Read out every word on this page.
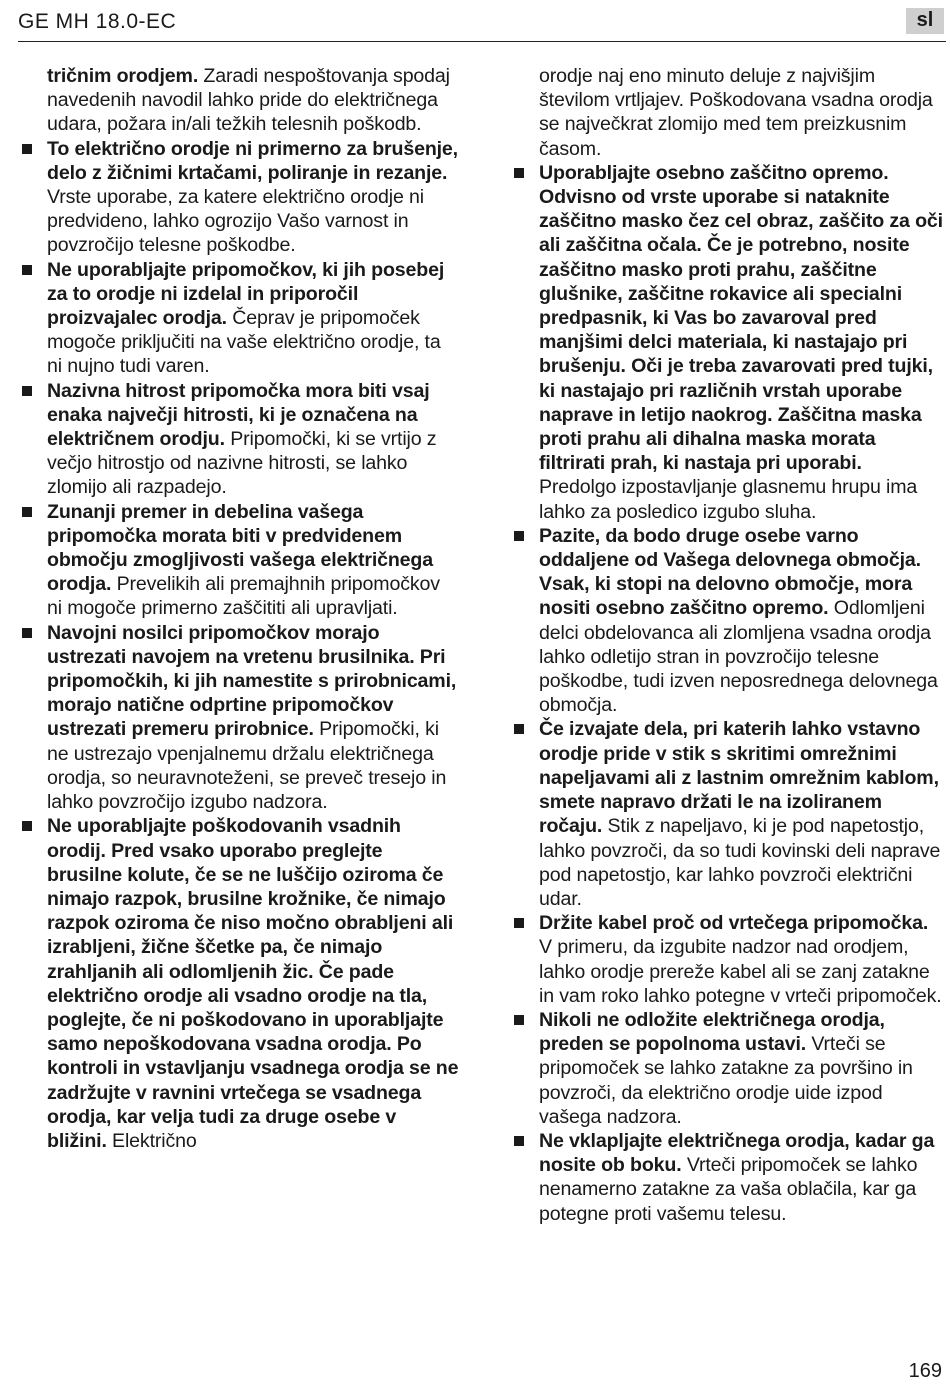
GE MH 18.0-EC	sl

tričnim orodjem. Zaradi nespoštovanja spodaj navedenih navodil lahko pride do električnega udara, požara in/ali težkih telesnih poškodb.

To električno orodje ni primerno za brušenje, delo z žičnimi krtačami, poliranje in rezanje. Vrste uporabe, za katere električno orodje ni predvideno, lahko ogrozijo Vašo varnost in povzročijo telesne poškodbe.

Ne uporabljajte pripomočkov, ki jih posebej za to orodje ni izdelal in priporočil proizvajalec orodja. Čeprav je pripomoček mogoče priključiti na vaše električno orodje, ta ni nujno tudi varen.

Nazivna hitrost pripomočka mora biti vsaj enaka največji hitrosti, ki je označena na električnem orodju. Pripomočki, ki se vrtijo z večjo hitrostjo od nazivne hitrosti, se lahko zlomijo ali razpadejo.

Zunanji premer in debelina vašega pripomočka morata biti v predvidenem območju zmogljivosti vašega električnega orodja. Prevelikih ali premajhnih pripomočkov ni mogoče primerno zaščititi ali upravljati.

Navojni nosilci pripomočkov morajo ustrezati navojem na vretenu brusilnika. Pri pripomočkih, ki jih namestite s prirobnicami, morajo natične odprtine pripomočkov ustrezati premeru prirobnice. Pripomočki, ki ne ustrezajo vpenjalnemu držalu električnega orodja, so neuravnoteženi, se preveč tresejo in lahko povzročijo izgubo nadzora.

Ne uporabljajte poškodovanih vsadnih orodij. Pred vsako uporabo preglejte brusilne kolute, če se ne luščijo oziroma če nimajo razpok, brusilne krožnike, če nimajo razpok oziroma če niso močno obrabljeni ali izrabljeni, žične ščetke pa, če nimajo zrahljanih ali odlomljenih žic. Če pade električno orodje ali vsadno orodje na tla, poglejte, če ni poškodovano in uporabljajte samo nepoškodovana vsadna orodja. Po kontroli in vstavljanju vsadnega orodja se ne zadržujte v ravnini vrtečega se vsadnega orodja, kar velja tudi za druge osebe v bližini. Električno

orodje naj eno minuto deluje z najvišjim številom vrtljajev. Poškodovana vsadna orodja se največkrat zlomijo med tem preizkusnim časom.

Uporabljajte osebno zaščitno opremo. Odvisno od vrste uporabe si nataknite zaščitno masko čez cel obraz, zaščito za oči ali zaščitna očala. Če je potrebno, nosite zaščitno masko proti prahu, zaščitne glušnike, zaščitne rokavice ali specialni predpasnik, ki Vas bo zavaroval pred manjšimi delci materiala, ki nastajajo pri brušenju. Oči je treba zavarovati pred tujki, ki nastajajo pri različnih vrstah uporabe naprave in letijo naokrog. Zaščitna maska proti prahu ali dihalna maska morata filtrirati prah, ki nastaja pri uporabi. Predolgo izpostavljanje glasnemu hrupu ima lahko za posledico izgubo sluha.

Pazite, da bodo druge osebe varno oddaljene od Vašega delovnega območja. Vsak, ki stopi na delovno območje, mora nositi osebno zaščitno opremo. Odlomljeni delci obdelovanca ali zlomljena vsadna orodja lahko odletijo stran in povzročijo telesne poškodbe, tudi izven neposrednega delovnega območja.

Če izvajate dela, pri katerih lahko vstavno orodje pride v stik s skritimi omrežnimi napeljavami ali z lastnim omrežnim kablom, smete napravo držati le na izoliranem ročaju. Stik z napeljavo, ki je pod napetostjo, lahko povzroči, da so tudi kovinski deli naprave pod napetostjo, kar lahko povzroči električni udar.

Držite kabel proč od vrtečega pripomočka. V primeru, da izgubite nadzor nad orodjem, lahko orodje prereže kabel ali se zanj zatakne in vam roko lahko potegne v vrteči pripomoček.

Nikoli ne odložite električnega orodja, preden se popolnoma ustavi. Vrteči se pripomoček se lahko zatakne za površino in povzroči, da električno orodje uide izpod vašega nadzora.

Ne vklapljajte električnega orodja, kadar ga nosite ob boku. Vrteči pripomoček se lahko nenamerno zatakne za vaša oblačila, kar ga potegne proti vašemu telesu.

169
